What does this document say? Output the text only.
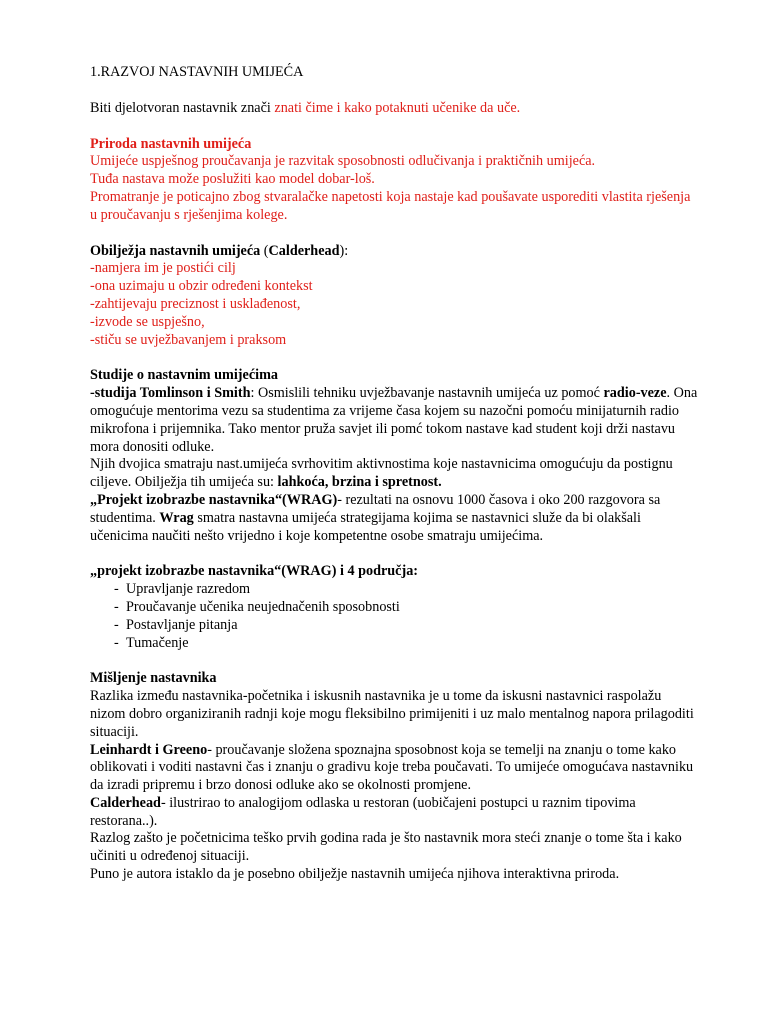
1.RAZVOJ NASTAVNIH UMIJEĆA

Biti djelotvoran nastavnik znači znati čime i kako potaknuti učenike da uče.

Priroda nastavnih umijeća

Umijeće uspješnog proučavanja je razvitak sposobnosti odlučivanja i praktičnih umijeća.

Tuđa nastava može poslužiti kao model dobar-loš.

Promatranje je poticajno zbog stvaralačke napetosti koja nastaje kad poušavate usporediti vlastita rješenja u proučavanju s rješenjima kolege.

Obilježja nastavnih umijeća (Calderhead):

-namjera im je postići cilj

-ona uzimaju u obzir određeni kontekst

-zahtijevaju preciznost i usklađenost,

-izvode se uspješno,

-stiču se uvježbavanjem i praksom

Studije o nastavnim umijećima

-studija Tomlinson i Smith: Osmislili tehniku uvježbavanje nastavnih umijeća uz pomoć radio-veze. Ona omogućuje mentorima vezu sa studentima za vrijeme časa kojem su nazočni pomoću minijaturnih radio mikrofona i prijemnika. Tako mentor pruža savjet ili pomć tokom nastave kad student koji drži nastavu mora donositi odluke.

Njih dvojica smatraju nast.umijeća svrhovitim aktivnostima koje nastavnicima omogućuju da postignu ciljeve. Obilježja tih umijeća su: lahkoća, brzina i spretnost.

„Projekt izobrazbe nastavnika“(WRAG)- rezultati na osnovu 1000 časova i oko 200 razgovora sa studentima. Wrag smatra nastavna umijeća strategijama kojima se nastavnici služe da bi olakšali učenicima naučiti nešto vrijedno i koje kompetentne osobe smatraju umijećima.

„projekt izobrazbe nastavnika“(WRAG) i 4 područja:

- Upravljanje razredom
- Proučavanje učenika neujednačenih sposobnosti
- Postavljanje pitanja
- Tumačenje

Mišljenje nastavnika

Razlika između nastavnika-početnika i iskusnih nastavnika je u tome da iskusni nastavnici raspolažu nizom dobro organiziranih radnji koje mogu fleksibilno primijeniti i uz malo mentalnog napora prilagoditi situaciji.

Leinhardt i Greeno- proučavanje složena spoznajna sposobnost koja se temelji na znanju o tome kako oblikovati i voditi nastavni čas i znanju o gradivu koje treba poučavati. To umijeće omogućava nastavniku da izradi pripremu i brzo donosi odluke ako se okolnosti promjene.

Calderhead- ilustrirao to analogijom odlaska u restoran (uobičajeni postupci u raznim tipovima restorana..).

Razlog zašto je početnicima teško prvih godina rada je što nastavnik mora steći znanje o tome šta i kako učiniti u određenoj situaciji.

Puno je autora istaklo da je posebno obilježje nastavnih umijeća njihova interaktivna priroda.
